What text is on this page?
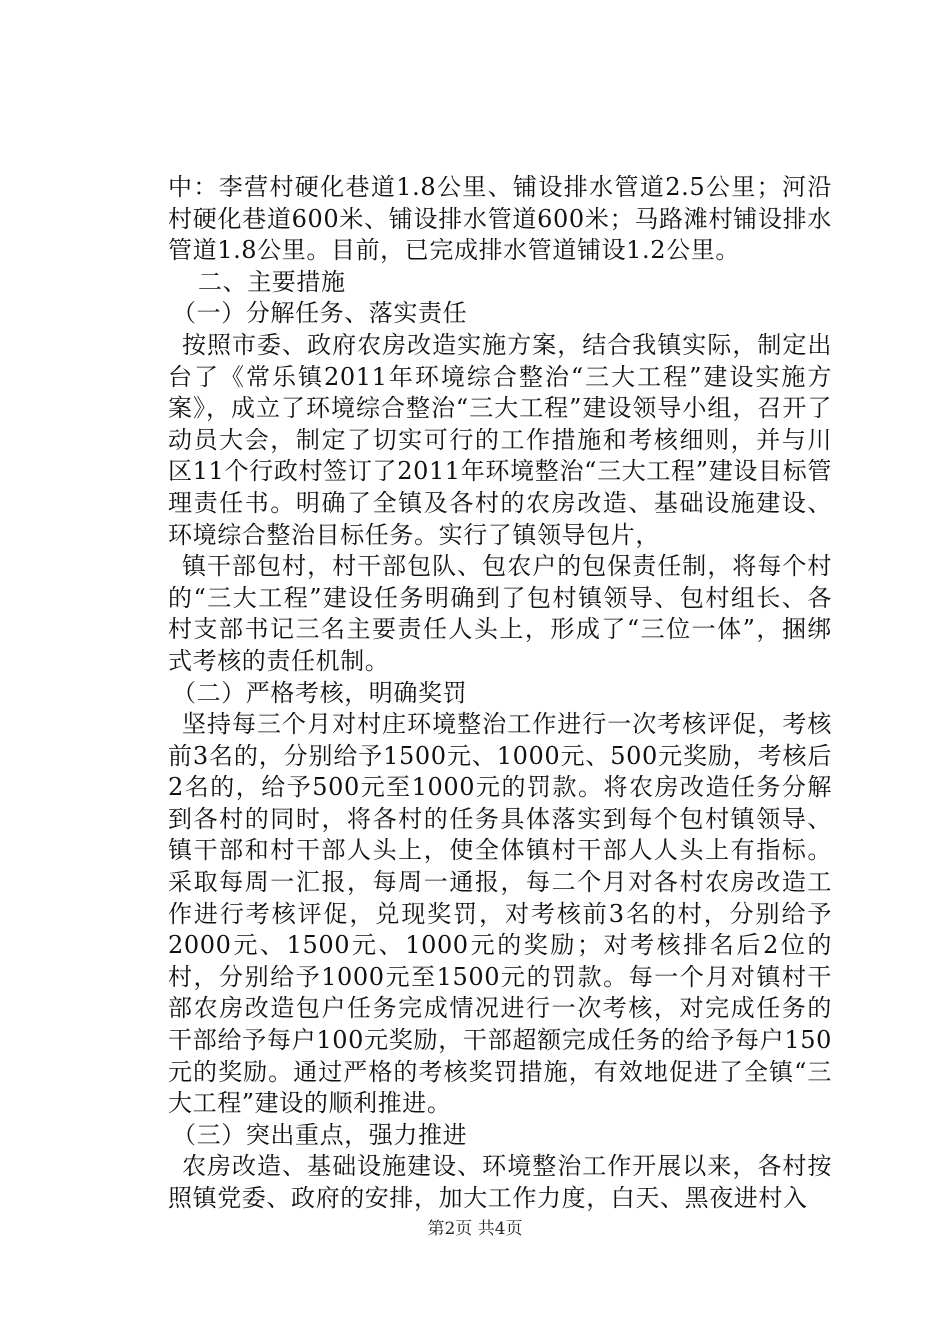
中：李营村硬化巷道1.8公里、铺设排水管道2.5公里；河沿村硬化巷道600米、铺设排水管道600米；马路滩村铺设排水管道1.8公里。目前，已完成排水管道铺设1.2公里。

二、主要措施

（一）分解任务、落实责任

按照市委、政府农房改造实施方案，结合我镇实际，制定出台了《常乐镇2011年环境综合整治“三大工程”建设实施方案》，成立了环境综合整治“三大工程”建设领导小组，召开了动员大会，制定了切实可行的工作措施和考核细则，并与川区11个行政村签订了2011年环境整治“三大工程”建设目标管理责任书。明确了全镇及各村的农房改造、基础设施建设、环境综合整治目标任务。实行了镇领导包片，

镇干部包村，村干部包队、包农户的包保责任制，将每个村的“三大工程”建设任务明确到了包村镇领导、包村组长、各村支部书记三名主要责任人头上，形成了“三位一体”，捆绑式考核的责任机制。

（二）严格考核，明确奖罚

坚持每三个月对村庄环境整治工作进行一次考核评促，考核前3名的，分别给予1500元、1000元、500元奖励，考核后2名的，给予500元至1000元的罚款。将农房改造任务分解到各村的同时，将各村的任务具体落实到每个包村镇领导、镇干部和村干部人头上，使全体镇村干部人人头上有指标。采取每周一汇报，每周一通报，每二个月对各村农房改造工作进行考核评促，兑现奖罚，对考核前3名的村，分别给予2000元、1500元、1000元的奖励；对考核排名后2位的村，分别给予1000元至1500元的罚款。每一个月对镇村干部农房改造包户任务完成情况进行一次考核，对完成任务的干部给予每户100元奖励，干部超额完成任务的给予每户150元的奖励。通过严格的考核奖罚措施，有效地促进了全镇“三大工程”建设的顺利推进。

（三）突出重点，强力推进

农房改造、基础设施建设、环境整治工作开展以来，各村按照镇党委、政府的安排，加大工作力度，白天、黑夜进村入

第2页 共4页
